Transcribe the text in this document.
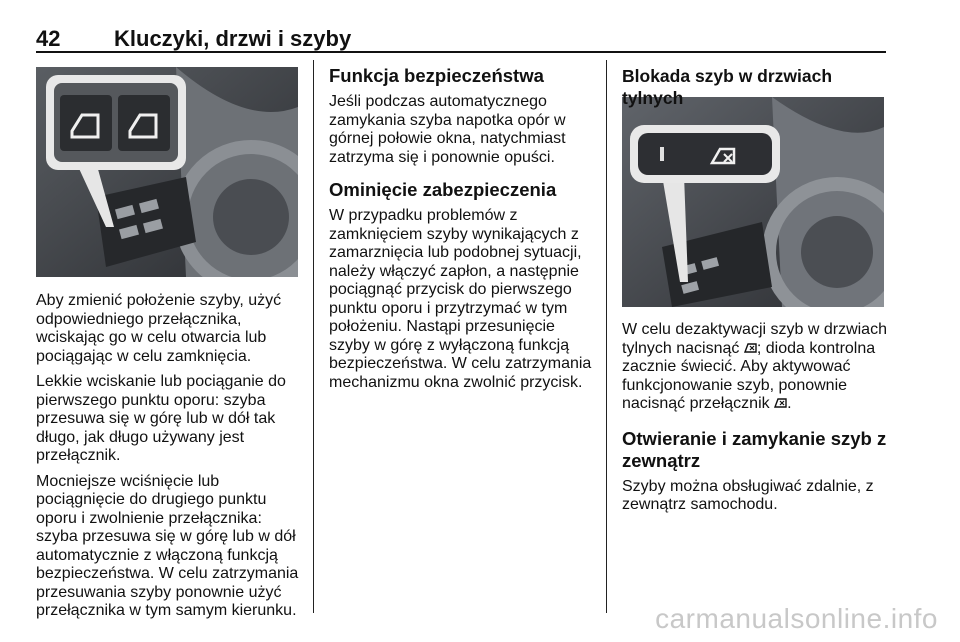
42 Kluczyki, drzwi i szyby

Aby zmienić położenie szyby, użyć odpowiedniego przełącznika, wciskając go w celu otwarcia lub pociągając w celu zamknięcia.

Lekkie wciskanie lub pociąganie do pierwszego punktu oporu: szyba przesuwa się w górę lub w dół tak długo, jak długo używany jest przełącznik.

Mocniejsze wciśnięcie lub pociągnięcie do drugiego punktu oporu i zwolnienie przełącznika: szyba przesuwa się w górę lub w dół automatycznie z włączoną funkcją bezpieczeństwa. W celu zatrzymania przesuwania szyby ponownie użyć przełącznika w tym samym kierunku.

Funkcja bezpieczeństwa

Jeśli podczas automatycznego zamykania szyba napotka opór w górnej połowie okna, natychmiast zatrzyma się i ponownie opuści.

Ominięcie zabezpieczenia

W przypadku problemów z zamknięciem szyby wynikających z zamarznięcia lub podobnej sytuacji, należy włączyć zapłon, a następnie pociągnąć przycisk do pierwszego punktu oporu i przytrzymać w tym położeniu. Nastąpi przesunięcie szyby w górę z wyłączoną funkcją bezpieczeństwa. W celu zatrzymania mechanizmu okna zwolnić przycisk.

Blokada szyb w drzwiach tylnych

W celu dezaktywacji szyb w drzwiach tylnych nacisnąć ; dioda kontrolna zacznie świecić. Aby aktywować funkcjonowanie szyb, ponownie nacisnąć przełącznik .

Otwieranie i zamykanie szyb z zewnątrz

Szyby można obsługiwać zdalnie, z zewnątrz samochodu.

carmanualsonline.info
